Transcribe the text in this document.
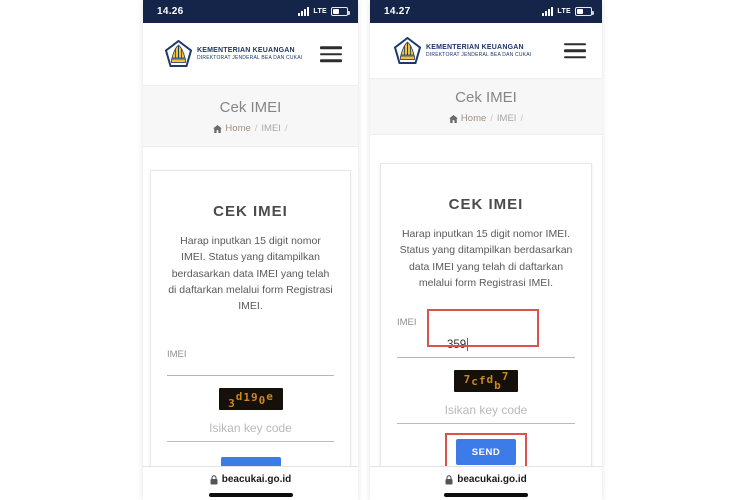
14.26	LTE
KEMENTERIAN KEUANGAN
DIREKTORAT JENDERAL BEA DAN CUKAI
Cek IMEI
Home / IMEI /
CEK IMEI

Harap inputkan 15 digit nomor IMEI. Status yang ditampilkan berdasarkan data IMEI yang telah di daftarkan melalui form Registrasi IMEI.

IMEI
3
d 1 9 0 e
Isikan key code
beacukai.go.id
14.27	LTE
KEMENTERIAN KEUANGAN
DIREKTORAT JENDERAL BEA DAN CUKAI
Cek IMEI
Home / IMEI /
CEK IMEI

Harap inputkan 15 digit nomor IMEI. Status yang ditampilkan berdasarkan data IMEI yang telah di daftarkan melalui form Registrasi IMEI.

IMEI
359
7 c f d b
7
Isikan key code
SEND
beacukai.go.id
